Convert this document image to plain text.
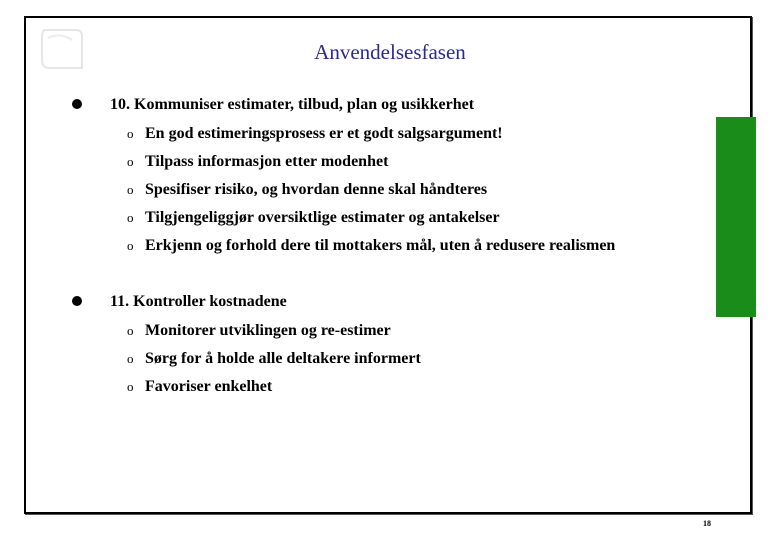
Anvendelsesfasen
10. Kommuniser estimater, tilbud, plan og usikkerhet
o En god estimeringsprosess er et godt salgsargument!
o Tilpass informasjon etter modenhet
o Spesifiser risiko, og hvordan denne skal håndteres
o Tilgjengeliggjør oversiktlige estimater og antakelser
o Erkjenn og forhold dere til mottakers mål, uten å redusere realismen
11. Kontroller kostnadene
o Monitorer utviklingen og re-estimer
o Sørg for å holde alle deltakere informert
o Favoriser enkelhet
18
